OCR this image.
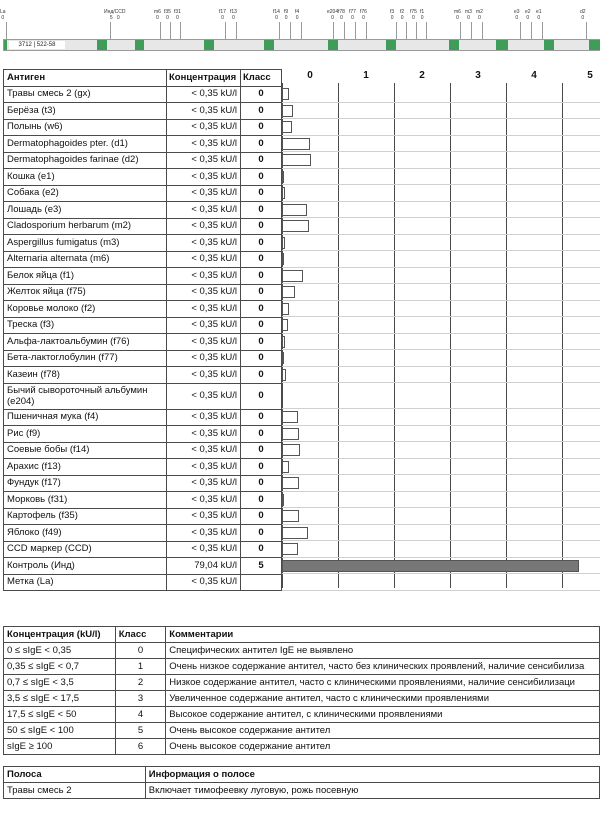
La
0
Инд/CCD
5   0
m6
0
f35
0
f31
0
f17
0
f13
0
f14
0
f9
0
f4
0
e204
0
f78
0
f77
0
f76
0
f3
0
f2
0
f75
0
f1
0
m6
0
m3
0
m2
0
e3
0
e2
0
e1
0
d2
0
3712 | 522-58
Антиген	Концентрация	Класс
Травы смесь 2 (gx)	< 0,35 kU/l	0
Берёза (t3)	< 0,35 kU/l	0
Полынь (w6)	< 0,35 kU/l	0
Dermatophagoides pter. (d1)	< 0,35 kU/l	0
Dermatophagoides farinae (d2)	< 0,35 kU/l	0
Кошка (e1)	< 0,35 kU/l	0
Собака (e2)	< 0,35 kU/l	0
Лошадь (e3)	< 0,35 kU/l	0
Cladosporium herbarum (m2)	< 0,35 kU/l	0
Aspergillus fumigatus (m3)	< 0,35 kU/l	0
Alternaria alternata (m6)	< 0,35 kU/l	0
Белок яйца (f1)	< 0,35 kU/l	0
Желток яйца (f75)	< 0,35 kU/l	0
Коровье молоко (f2)	< 0,35 kU/l	0
Треска (f3)	< 0,35 kU/l	0
Альфа-лактоальбумин (f76)	< 0,35 kU/l	0
Бета-лактоглобулин (f77)	< 0,35 kU/l	0
Казеин (f78)	< 0,35 kU/l	0
Бычий сывороточный альбумин (e204)	< 0,35 kU/l	0
Пшеничная мука (f4)	< 0,35 kU/l	0
Рис (f9)	< 0,35 kU/l	0
Соевые бобы (f14)	< 0,35 kU/l	0
Арахис (f13)	< 0,35 kU/l	0
Фундук (f17)	< 0,35 kU/l	0
Морковь (f31)	< 0,35 kU/l	0
Картофель (f35)	< 0,35 kU/l	0
Яблоко (f49)	< 0,35 kU/l	0
CCD маркер (CCD)	< 0,35 kU/l	0
Контроль (Инд)	79,04 kU/l	5
Метка (La)	< 0,35 kU/l	
0	1	2	3	4	5
Концентрация (kU/l)	Класс	Комментарии
0 ≤ sIgE < 0,35	0	Специфических антител IgE не выявлено
0,35 ≤ sIgE < 0,7	1	Очень низкое содержание антител, часто без клинических проявлений, наличие сенсибилиза
0,7 ≤ sIgE < 3,5	2	Низкое содержание антител, часто с клиническими проявлениями, наличие сенсибилизаци
3,5 ≤ sIgE < 17,5	3	Увеличенное содержание антител, часто с клиническими проявлениями
17,5 ≤ sIgE < 50	4	Высокое содержание антител, с клиническими проявлениями
50 ≤ sIgE < 100	5	Очень высокое содержание антител
sIgE ≥ 100	6	Очень высокое содержание антител
Полоса	Информация о полосе
Травы смесь 2	Включает тимофеевку луговую, рожь посевную
